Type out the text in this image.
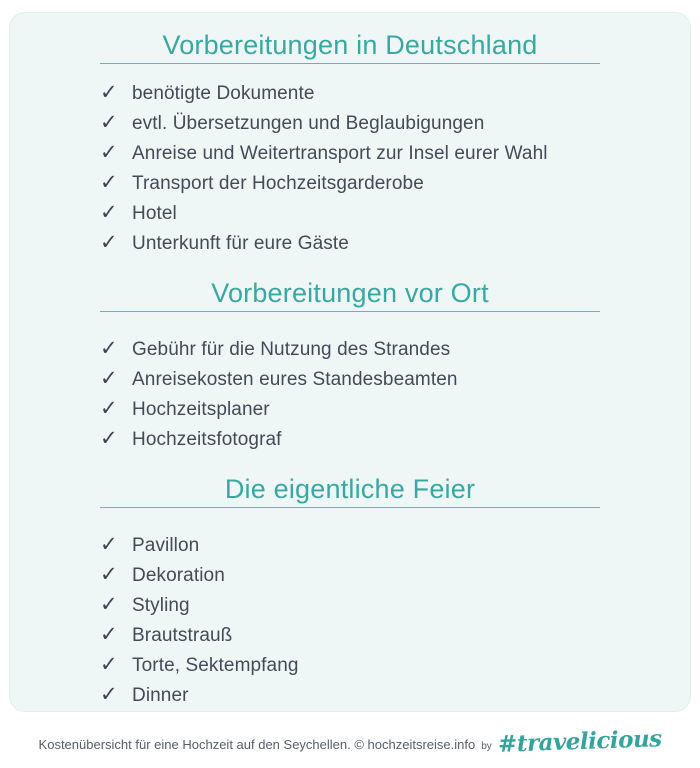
Vorbereitungen in Deutschland
✓ benötigte Dokumente
✓ evtl. Übersetzungen und Beglaubigungen
✓ Anreise und Weitertransport zur Insel eurer Wahl
✓ Transport der Hochzeitsgarderobe
✓ Hotel
✓ Unterkunft für eure Gäste
Vorbereitungen vor Ort
✓ Gebühr für die Nutzung des Strandes
✓ Anreisekosten eures Standesbeamten
✓ Hochzeitsplaner
✓ Hochzeitsfotograf
Die eigentliche Feier
✓ Pavillon
✓ Dekoration
✓ Styling
✓ Brautstrauß
✓ Torte, Sektempfang
✓ Dinner
Kostenübersicht für eine Hochzeit auf den Seychellen. © hochzeitsreise.info by #travelicious
